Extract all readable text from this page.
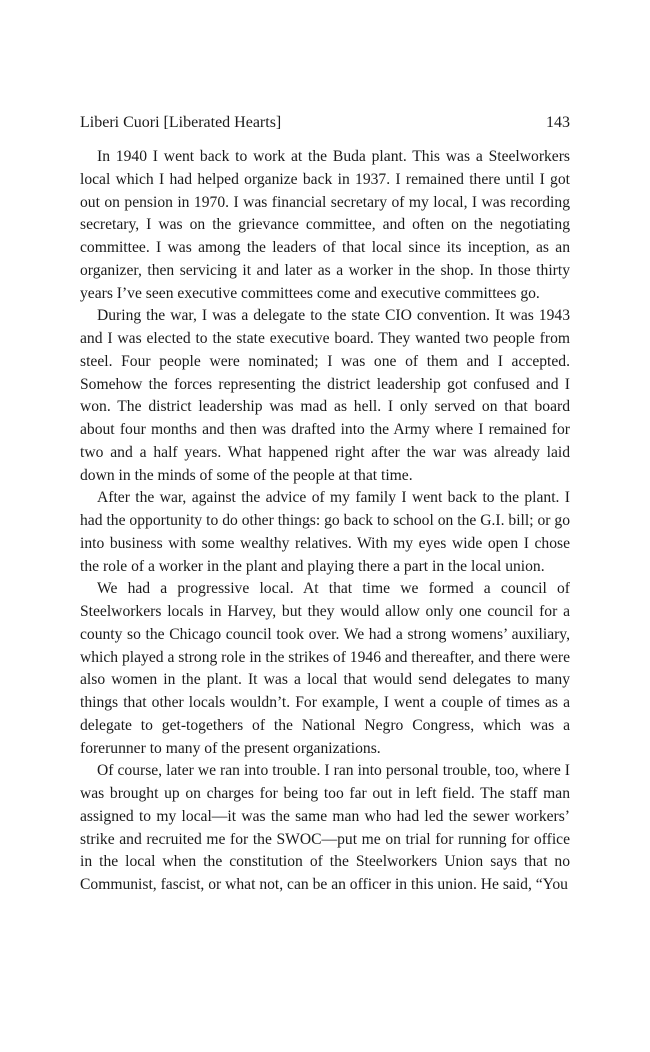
Liberi Cuori [Liberated Hearts]	143

In 1940 I went back to work at the Buda plant. This was a Steelworkers local which I had helped organize back in 1937. I remained there until I got out on pension in 1970. I was financial secretary of my local, I was recording secretary, I was on the grievance committee, and often on the negotiating committee. I was among the leaders of that local since its inception, as an organizer, then servicing it and later as a worker in the shop. In those thirty years I’ve seen executive committees come and executive committees go.

During the war, I was a delegate to the state CIO convention. It was 1943 and I was elected to the state executive board. They wanted two people from steel. Four people were nominated; I was one of them and I accepted. Somehow the forces representing the district leadership got confused and I won. The district leadership was mad as hell. I only served on that board about four months and then was drafted into the Army where I remained for two and a half years. What happened right after the war was already laid down in the minds of some of the people at that time.

After the war, against the advice of my family I went back to the plant. I had the opportunity to do other things: go back to school on the G.I. bill; or go into business with some wealthy relatives. With my eyes wide open I chose the role of a worker in the plant and playing there a part in the local union.

We had a progressive local. At that time we formed a council of Steelworkers locals in Harvey, but they would allow only one council for a county so the Chicago council took over. We had a strong womens’ auxiliary, which played a strong role in the strikes of 1946 and thereafter, and there were also women in the plant. It was a local that would send delegates to many things that other locals wouldn’t. For example, I went a couple of times as a delegate to get-togethers of the National Negro Congress, which was a forerunner to many of the present organizations.

Of course, later we ran into trouble. I ran into personal trouble, too, where I was brought up on charges for being too far out in left field. The staff man assigned to my local—it was the same man who had led the sewer workers’ strike and recruited me for the SWOC—put me on trial for running for office in the local when the constitution of the Steelworkers Union says that no Communist, fascist, or what not, can be an officer in this union. He said, “You
